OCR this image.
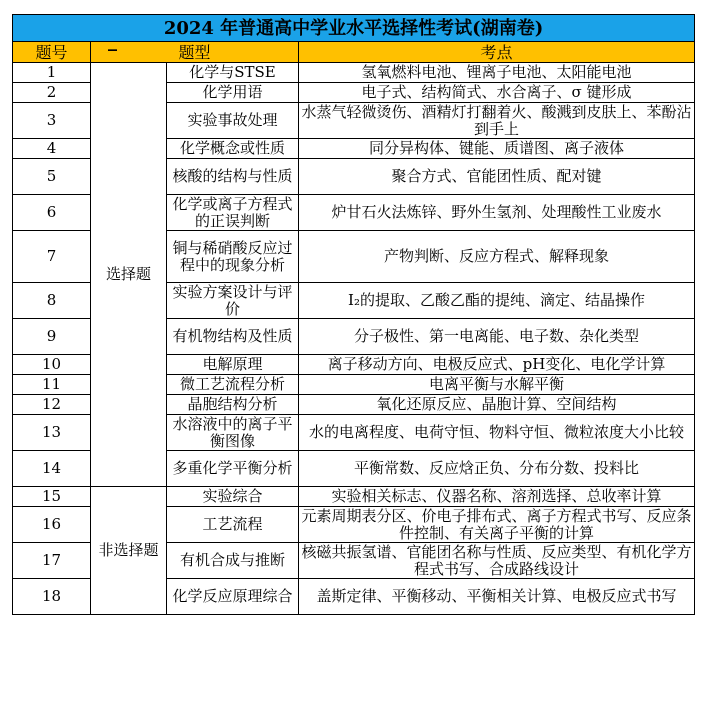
_
2024 年普通高中学业水平选择性考试(湖南卷)			
题号	题型		考点
1	选择题	化学与STSE	氢氧燃料电池、锂离子电池、太阳能电池
2		化学用语	电子式、结构简式、水合离子、σ 键形成
3		实验事故处理	水蒸气轻微烫伤、酒精灯打翻着火、酸溅到皮肤上、苯酚沾到手上
4		化学概念或性质	同分异构体、键能、质谱图、离子液体
5		核酸的结构与性质	聚合方式、官能团性质、配对键
6		化学或离子方程式的正误判断	炉甘石火法炼锌、野外生氢剂、处理酸性工业废水
7		铜与稀硝酸反应过程中的现象分析	产物判断、反应方程式、解释现象
8		实验方案设计与评价	I₂的提取、乙酸乙酯的提纯、滴定、结晶操作
9		有机物结构及性质	分子极性、第一电离能、电子数、杂化类型
10		电解原理	离子移动方向、电极反应式、pH变化、电化学计算
11		微工艺流程分析	电离平衡与水解平衡
12		晶胞结构分析	氧化还原反应、晶胞计算、空间结构
13		水溶液中的离子平衡图像	水的电离程度、电荷守恒、物料守恒、微粒浓度大小比较
14		多重化学平衡分析	平衡常数、反应焓正负、分布分数、投料比
15	非选择题	实验综合	实验相关标志、仪器名称、溶剂选择、总收率计算
16		工艺流程	元素周期表分区、价电子排布式、离子方程式书写、反应条件控制、有关离子平衡的计算
17		有机合成与推断	核磁共振氢谱、官能团名称与性质、反应类型、有机化学方程式书写、合成路线设计
18		化学反应原理综合	盖斯定律、平衡移动、平衡相关计算、电极反应式书写
